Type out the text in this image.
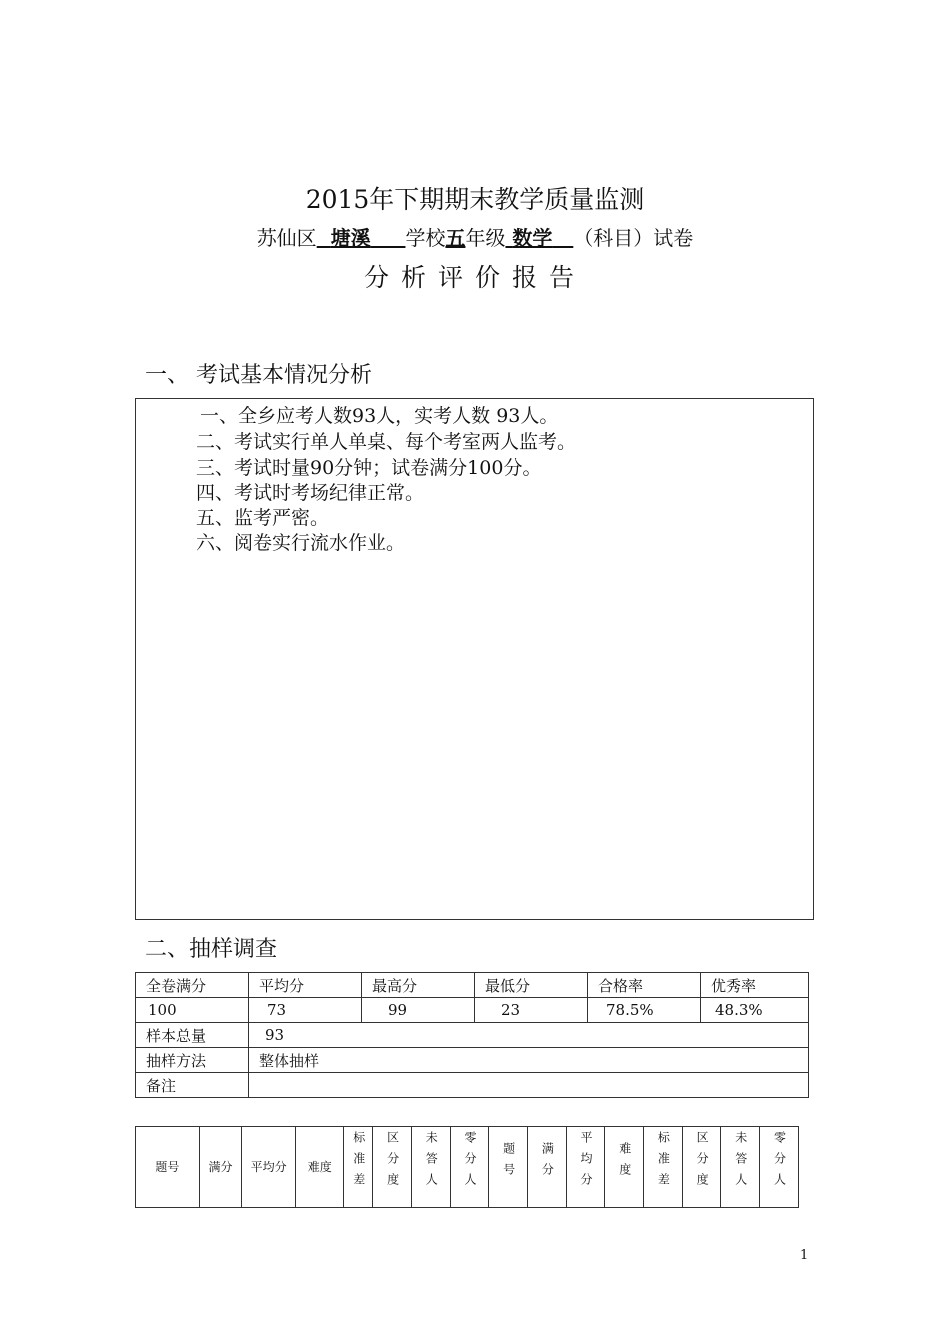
2015年下期期末教学质量监测
苏仙区 塘溪 学校五年级 数学 （科目）试卷
分析评价报告
一、 考试基本情况分析
一、全乡应考人数93人，实考人数 93人。
二、考试实行单人单桌、每个考室两人监考。
三、考试时量90分钟；试卷满分100分。
四、考试时考场纪律正常。
五、监考严密。
六、阅卷实行流水作业。
二、抽样调查
全卷满分	平均分	最高分	最低分	合格率	优秀率
100	73	99	23	78.5%	48.3%
样本总量	93				
抽样方法	整体抽样				
备注					
题号	满分	平均分	难度	标准差	区分度	未答人	零分人	题号	满分	平均分	难度	标准差	区分度	未答人	零分人
1
